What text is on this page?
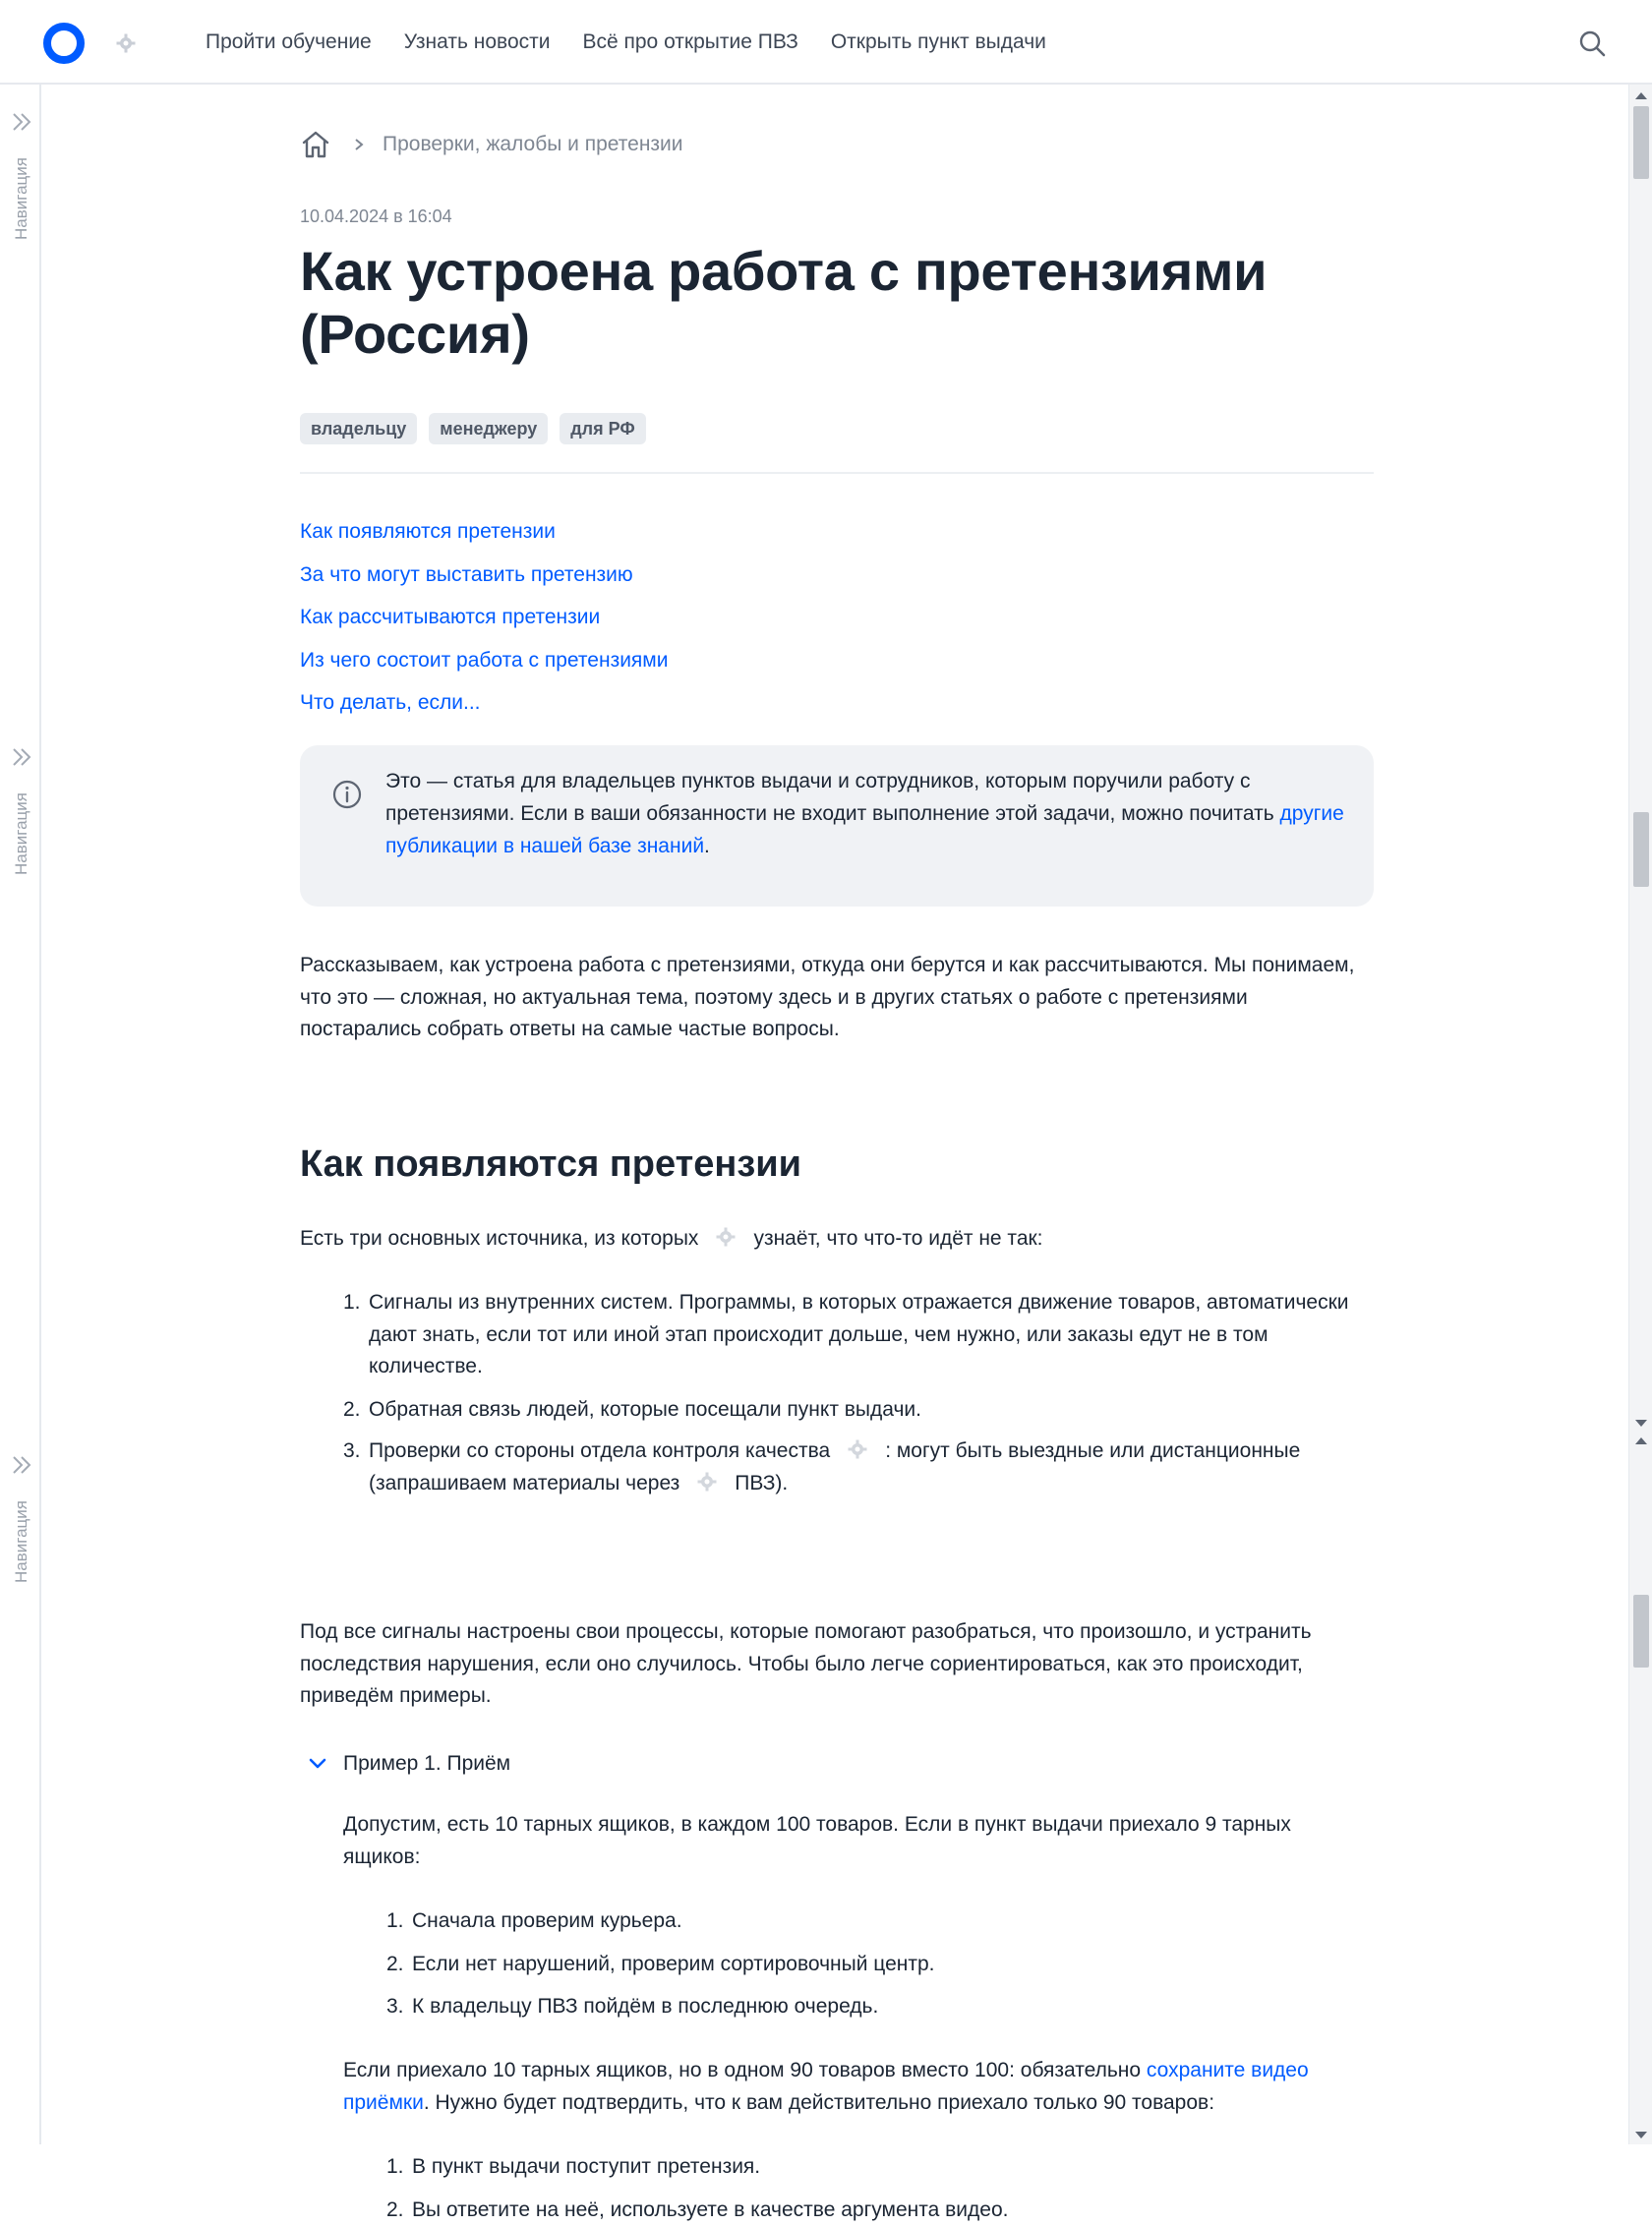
Пройти обучение Узнать новости Всё про открытие ПВЗ Открыть пункт выдачи
Навигация
Навигация
Навигация
Проверки, жалобы и претензии
10.04.2024 в 16:04
Как устроена работа с претензиями (Россия)
владельцу	менеджеру	для РФ
Как появляются претензии
За что могут выставить претензию
Как рассчитываются претензии
Из чего состоит работа с претензиями
Что делать, если...

Это — статья для владельцев пунктов выдачи и сотрудников, которым поручили работу с претензиями. Если в ваши обязанности не входит выполнение этой задачи, можно почитать другие публикации в нашей базе знаний.

Рассказываем, как устроена работа с претензиями, откуда они берутся и как рассчитываются. Мы понимаем, что это — сложная, но актуальная тема, поэтому здесь и в других статьях о работе с претензиями постарались собрать ответы на самые частые вопросы.

Как появляются претензии

Есть три основных источника, из которых	узнаёт, что что-то идёт не так:

1. Сигналы из внутренних систем. Программы, в которых отражается движение товаров, автоматически дают знать, если тот или иной этап происходит дольше, чем нужно, или заказы едут не в том количестве.
2. Обратная связь людей, которые посещали пункт выдачи.
3. Проверки со стороны отдела контроля качества	: могут быть выездные или дистанционные
(запрашиваем материалы через	ПВЗ).

Под все сигналы настроены свои процессы, которые помогают разобраться, что произошло, и устранить последствия нарушения, если оно случилось. Чтобы было легче сориентироваться, как это происходит, приведём примеры.

Пример 1. Приём

Допустим, есть 10 тарных ящиков, в каждом 100 товаров. Если в пункт выдачи приехало 9 тарных ящиков:

1. Сначала проверим курьера.
2. Если нет нарушений, проверим сортировочный центр.
3. К владельцу ПВЗ пойдём в последнюю очередь.

Если приехало 10 тарных ящиков, но в одном 90 товаров вместо 100: обязательно сохраните видео приёмки. Нужно будет подтвердить, что к вам действительно приехало только 90 товаров:

1. В пункт выдачи поступит претензия.
2. Вы ответите на неё, используете в качестве аргумента видео.
